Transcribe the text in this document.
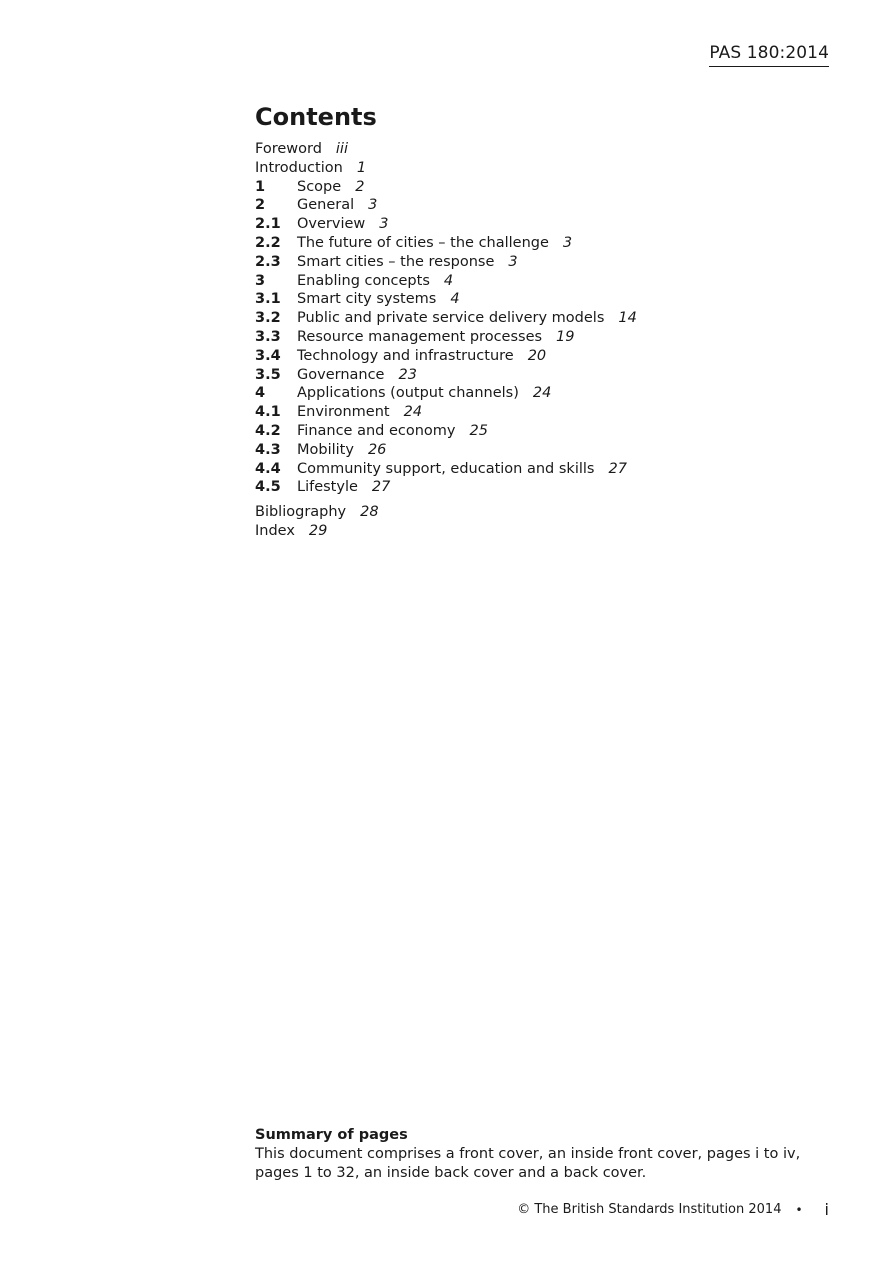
PAS 180:2014
Contents
Foreword iii
Introduction 1
1	Scope 2
2	General 3
2.1	Overview 3
2.2	The future of cities – the challenge 3
2.3	Smart cities – the response 3
3	Enabling concepts 4
3.1	Smart city systems 4
3.2	Public and private service delivery models 14
3.3	Resource management processes 19
3.4	Technology and infrastructure 20
3.5	Governance 23
4	Applications (output channels) 24
4.1	Environment 24
4.2	Finance and economy 25
4.3	Mobility 26
4.4	Community support, education and skills 27
4.5	Lifestyle 27
Bibliography 28
Index 29
Summary of pages
This document comprises a front cover, an inside front cover, pages i to iv,
pages 1 to 32, an inside back cover and a back cover.
© The British Standards Institution 2014 • i
